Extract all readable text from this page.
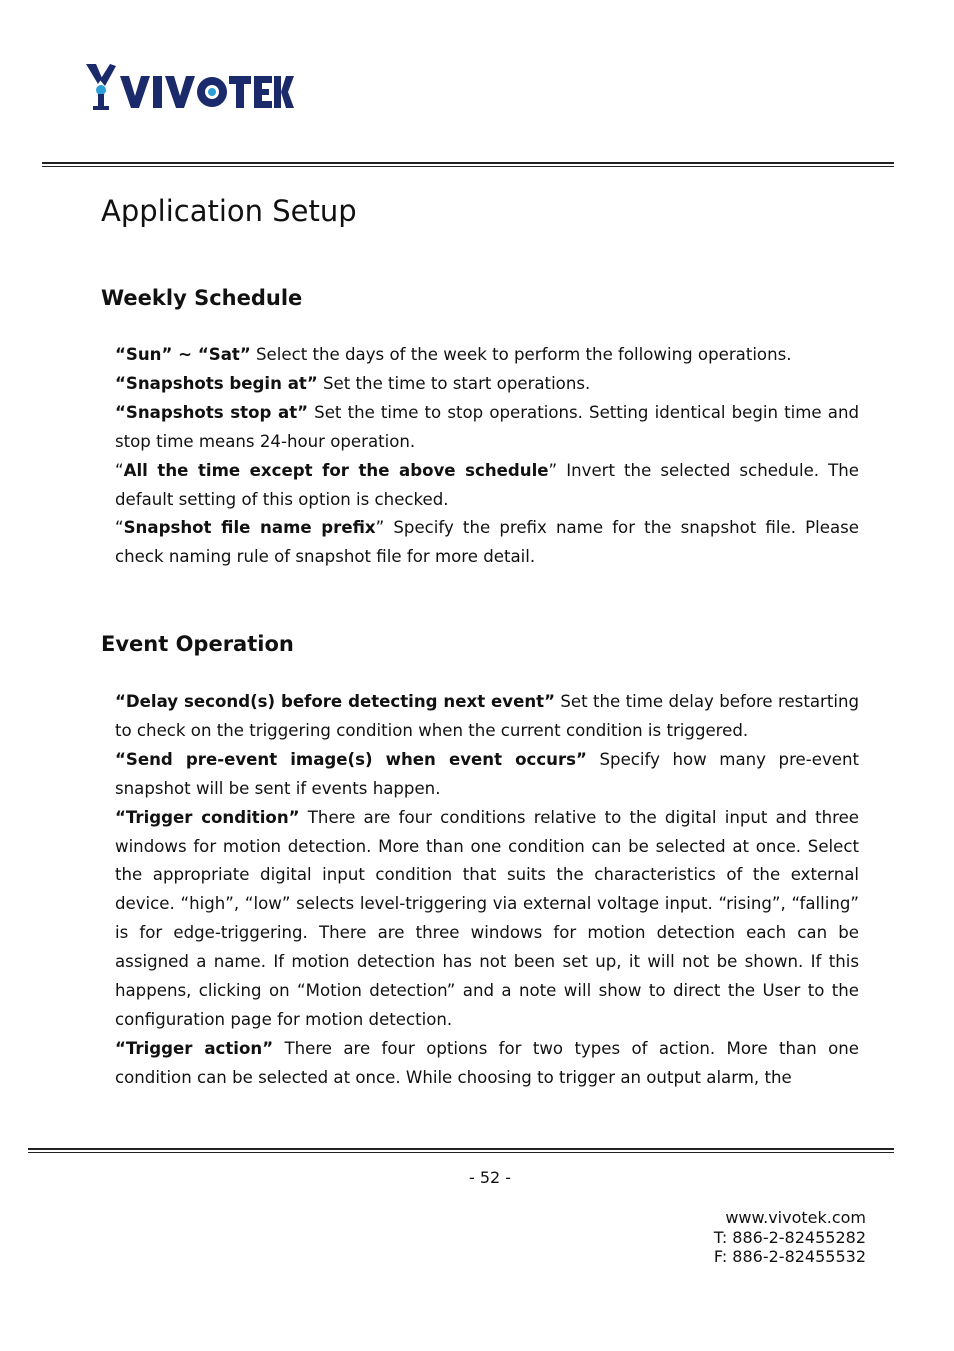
Application Setup
Weekly Schedule

“Sun” ~ “Sat” Select the days of the week to perform the following operations.

“Snapshots begin at” Set the time to start operations.

“Snapshots stop at” Set the time to stop operations. Setting identical begin time and stop time means 24-hour operation.

“All the time except for the above schedule” Invert the selected schedule. The default setting of this option is checked.

“Snapshot file name prefix” Specify the prefix name for the snapshot file. Please check naming rule of snapshot file for more detail.

Event Operation

“Delay second(s) before detecting next event” Set the time delay before restarting to check on the triggering condition when the current condition is triggered.

“Send pre-event image(s) when event occurs” Specify how many pre-event snapshot will be sent if events happen.

“Trigger condition” There are four conditions relative to the digital input and three windows for motion detection. More than one condition can be selected at once. Select the appropriate digital input condition that suits the characteristics of the external device. “high”, “low” selects level-triggering via external voltage input. “rising”, “falling” is for edge-triggering. There are three windows for motion detection each can be assigned a name. If motion detection has not been set up, it will not be shown. If this happens, clicking on “Motion detection” and a note will show to direct the User to the configuration page for motion detection.

“Trigger action” There are four options for two types of action. More than one condition can be selected at once. While choosing to trigger an output alarm, the

- 52 -
www.vivotek.com
T: 886-2-82455282
F: 886-2-82455532
